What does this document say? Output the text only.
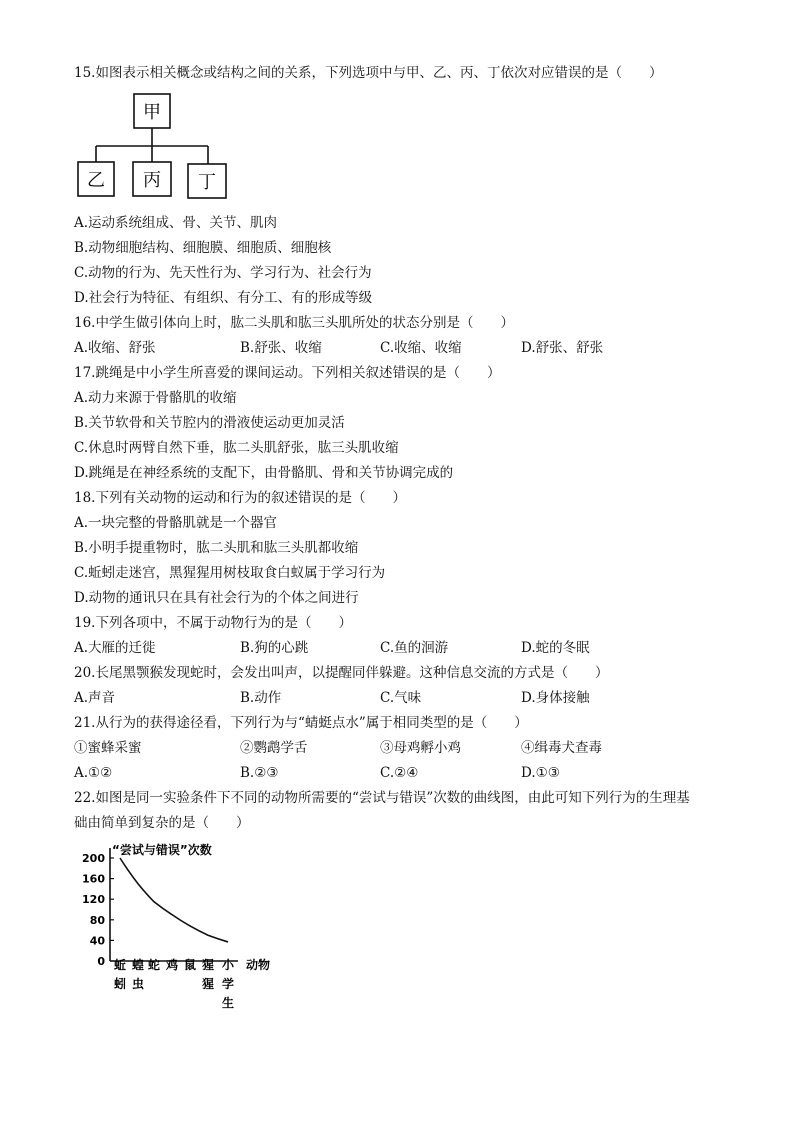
15.如图表示相关概念或结构之间的关系，下列选项中与甲、乙、丙、丁依次对应错误的是（　　）
甲
乙 丙 丁
A.运动系统组成、骨、关节、肌肉
B.动物细胞结构、细胞膜、细胞质、细胞核
C.动物的行为、先天性行为、学习行为、社会行为
D.社会行为特征、有组织、有分工、有的形成等级
16.中学生做引体向上时，肱二头肌和肱三头肌所处的状态分别是（　　）
A.收缩、舒张	B.舒张、收缩	C.收缩、收缩	D.舒张、舒张
17.跳绳是中小学生所喜爱的课间运动。下列相关叙述错误的是（　　）
A.动力来源于骨骼肌的收缩
B.关节软骨和关节腔内的滑液使运动更加灵活
C.休息时两臂自然下垂，肱二头肌舒张，肱三头肌收缩
D.跳绳是在神经系统的支配下，由骨骼肌、骨和关节协调完成的
18.下列有关动物的运动和行为的叙述错误的是（　　）
A.一块完整的骨骼肌就是一个器官
B.小明手提重物时，肱二头肌和肱三头肌都收缩
C.蚯蚓走迷宫，黑猩猩用树枝取食白蚁属于学习行为
D.动物的通讯只在具有社会行为的个体之间进行
19.下列各项中，不属于动物行为的是（　　）
A.大雁的迁徙	B.狗的心跳	C.鱼的洄游	D.蛇的冬眠
20.长尾黑颚猴发现蛇时，会发出叫声，以提醒同伴躲避。这种信息交流的方式是（　　）
A.声音	B.动作	C.气味	D.身体接触
21.从行为的获得途径看，下列行为与“蜻蜓点水”属于相同类型的是（　　）
①蜜蜂采蜜	②鹦鹉学舌	③母鸡孵小鸡	④缉毒犬查毒
A.①②	B.②③	C.②④	D.①③
22.如图是同一实验条件下不同的动物所需要的“尝试与错误”次数的曲线图，由此可知下列行为的生理基
础由简单到复杂的是（　　）
“尝试与错误”次数
0
40
80
120
160
200
动物
蚯
蚓
蝗
虫
蛇 鸡 鼠 猩
猩
小
学
生
